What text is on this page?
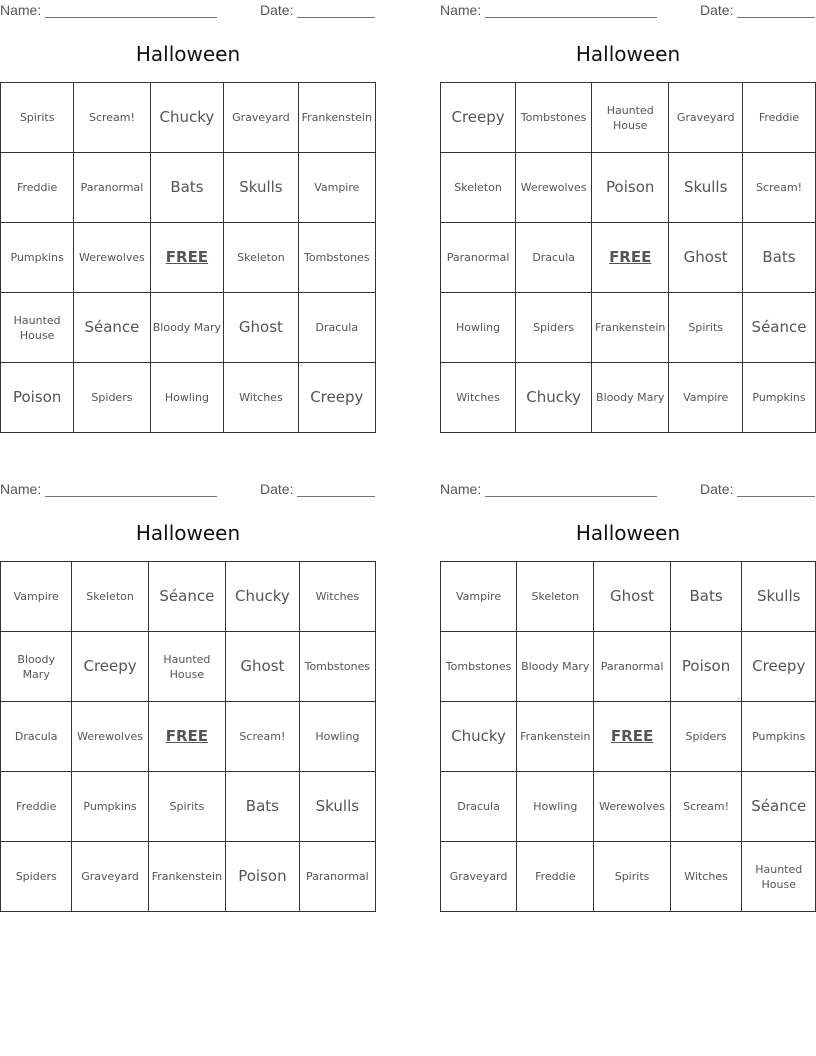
Name:	Date:
Halloween
Spirits	Scream!	Chucky	Graveyard	Frankenstein
Freddie	Paranormal	Bats	Skulls	Vampire
Pumpkins	Werewolves	FREE	Skeleton	Tombstones
Haunted House	Séance	Bloody Mary	Ghost	Dracula
Poison	Spiders	Howling	Witches	Creepy
Name:	Date:
Halloween
Creepy	Tombstones	Haunted House	Graveyard	Freddie
Skeleton	Werewolves	Poison	Skulls	Scream!
Paranormal	Dracula	FREE	Ghost	Bats
Howling	Spiders	Frankenstein	Spirits	Séance
Witches	Chucky	Bloody Mary	Vampire	Pumpkins
Name:	Date:
Halloween
Vampire	Skeleton	Séance	Chucky	Witches
Bloody Mary	Creepy	Haunted House	Ghost	Tombstones
Dracula	Werewolves	FREE	Scream!	Howling
Freddie	Pumpkins	Spirits	Bats	Skulls
Spiders	Graveyard	Frankenstein	Poison	Paranormal
Name:	Date:
Halloween
Vampire	Skeleton	Ghost	Bats	Skulls
Tombstones	Bloody Mary	Paranormal	Poison	Creepy
Chucky	Frankenstein	FREE	Spiders	Pumpkins
Dracula	Howling	Werewolves	Scream!	Séance
Graveyard	Freddie	Spirits	Witches	Haunted House
